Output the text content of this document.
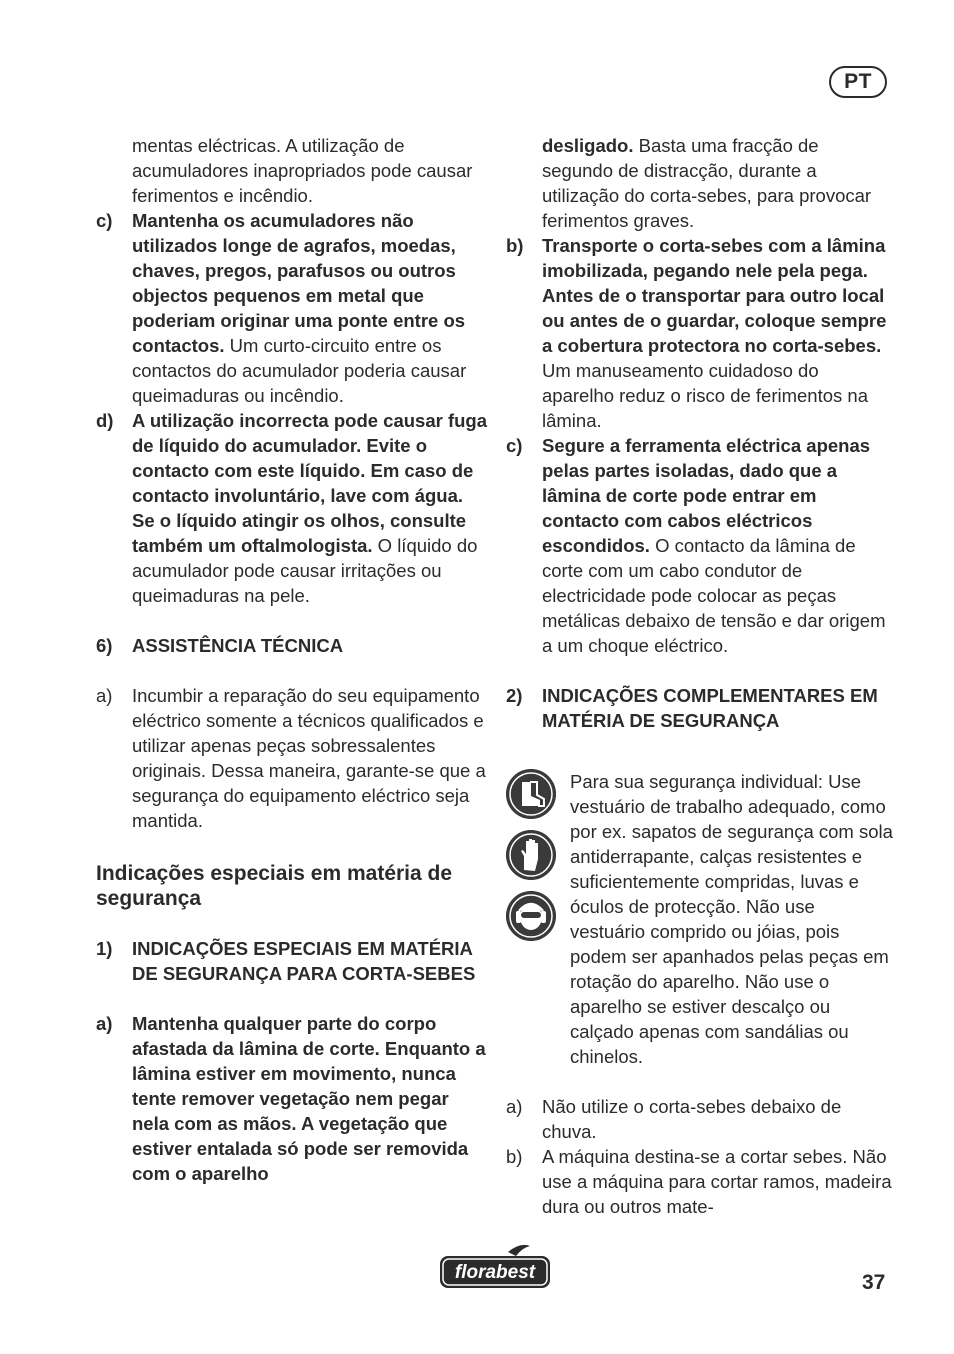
PT

mentas eléctricas. A utilização de acumuladores inapropriados pode causar ferimentos e incêndio.

c) Mantenha os acumuladores não utilizados longe de agrafos, moedas, chaves, pregos, parafusos ou outros objectos pequenos em metal que poderiam originar uma ponte entre os contactos. Um curto-circuito entre os contactos do acumulador poderia causar queimaduras ou incêndio.
d) A utilização incorrecta pode causar fuga de líquido do acumulador. Evite o contacto com este líquido. Em caso de contacto involuntário, lave com água. Se o líquido atingir os olhos, consulte também um oftalmologista. O líquido do acumulador pode causar irritações ou queimaduras na pele.
6) ASSISTÊNCIA TÉCNICA
a) Incumbir a reparação do seu equipamento eléctrico somente a técnicos qualificados e utilizar apenas peças sobressalentes originais. Dessa maneira, garante-se que a segurança do equipamento eléctrico seja mantida.

Indicações especiais em matéria de segurança

1) INDICAÇÕES ESPECIAIS EM MATÉRIA DE SEGURANÇA PARA CORTA-SEBES
a) Mantenha qualquer parte do corpo afastada da lâmina de corte. Enquanto a lâmina estiver em movimento, nunca tente remover vegetação nem pegar nela com as mãos. A vegetação que estiver entalada só pode ser removida com o aparelho

desligado. Basta uma fracção de segundo de distracção, durante a utilização do corta-sebes, para provocar ferimentos graves.

b) Transporte o corta-sebes com a lâmina imobilizada, pegando nele pela pega. Antes de o transportar para outro local ou antes de o guardar, coloque sempre a cobertura protectora no corta-sebes.
Um manuseamento cuidadoso do aparelho reduz o risco de ferimentos na lâmina.
c) Segure a ferramenta eléctrica apenas pelas partes isoladas, dado que a lâmina de corte pode entrar em contacto com cabos eléctricos escondidos. O contacto da lâmina de corte com um cabo condutor de electricidade pode colocar as peças metálicas debaixo de tensão e dar origem a um choque eléctrico.
2) INDICAÇÕES COMPLEMENTARES EM MATÉRIA DE SEGURANÇA

Para sua segurança individual: Use vestuário de trabalho adequado, como por ex. sapatos de segurança com sola antiderrapante, calças resistentes e suficientemente compridas, luvas e óculos de protecção. Não use vestuário comprido ou jóias, pois podem ser apanhados pelas peças em rotação do aparelho. Não use o aparelho se estiver descalço ou calçado apenas com sandálias ou chinelos.

a) Não utilize o corta-sebes debaixo de chuva.
b) A máquina destina-se a cortar sebes. Não use a máquina para cortar ramos, madeira dura ou outros mate-
florabest	37
